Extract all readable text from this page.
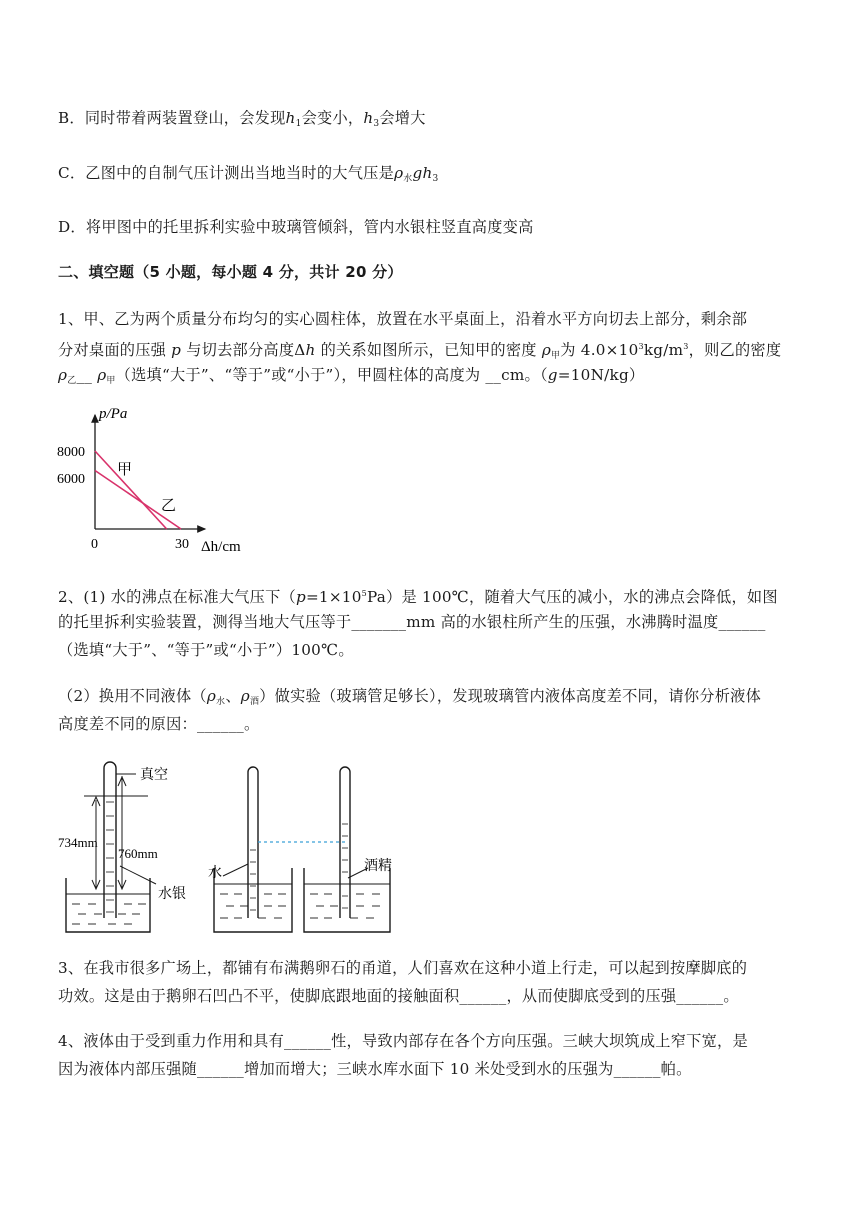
B．同时带着两装置登山，会发现$h_1$会变小，$h_3$会增大
C．乙图中的自制气压计测出当地当时的大气压是$\rho_水gh_3$
D．将甲图中的托里拆利实验中玻璃管倾斜，管内水银柱竖直高度变高
二、填空题（5 小题，每小题 4 分，共计 20 分）
1、甲、乙为两个质量分布均匀的实心圆柱体，放置在水平桌面上，沿着水平方向切去上部分，剩余部
分对桌面的压强 p 与切去部分高度Δh 的关系如图所示，已知甲的密度 $\rho_甲$为 $4.0\times 10^3kg/m^3$，则乙的密度
$\rho_乙\_\_$ $\rho_甲$（选填“大于”、“等于”或“小于”），甲圆柱体的高度为 __cm。（g=10N/kg）
p/Pa
Δh/cm
8000
6000
0	30
甲
乙
2、(1) 水的沸点在标准大气压下$(p=1\times 10^5Pa)$是 100℃，随着大气压的减小，水的沸点会降低，如图
的托里拆利实验装置，测得当地大气压等于_______mm 高的水银柱所产生的压强，水沸腾时温度______
（选填“大于”、“等于”或“小于”）100℃。
（2）换用不同液体（$\rho_水$、$\rho_酒$）做实验（玻璃管足够长），发现玻璃管内液体高度差不同，请你分析液体
高度差不同的原因：______。
真空
734mm
760mm
水银
水	酒精
3、在我市很多广场上，都铺有布满鹅卵石的甬道，人们喜欢在这种小道上行走，可以起到按摩脚底的
功效。这是由于鹅卵石凹凸不平，使脚底跟地面的接触面积______，从而使脚底受到的压强______。
4、液体由于受到重力作用和具有______性，导致内部存在各个方向压强。三峡大坝筑成上窄下宽，是
因为液体内部压强随______增加而增大；三峡水库水面下 10 米处受到水的压强为______帕。
